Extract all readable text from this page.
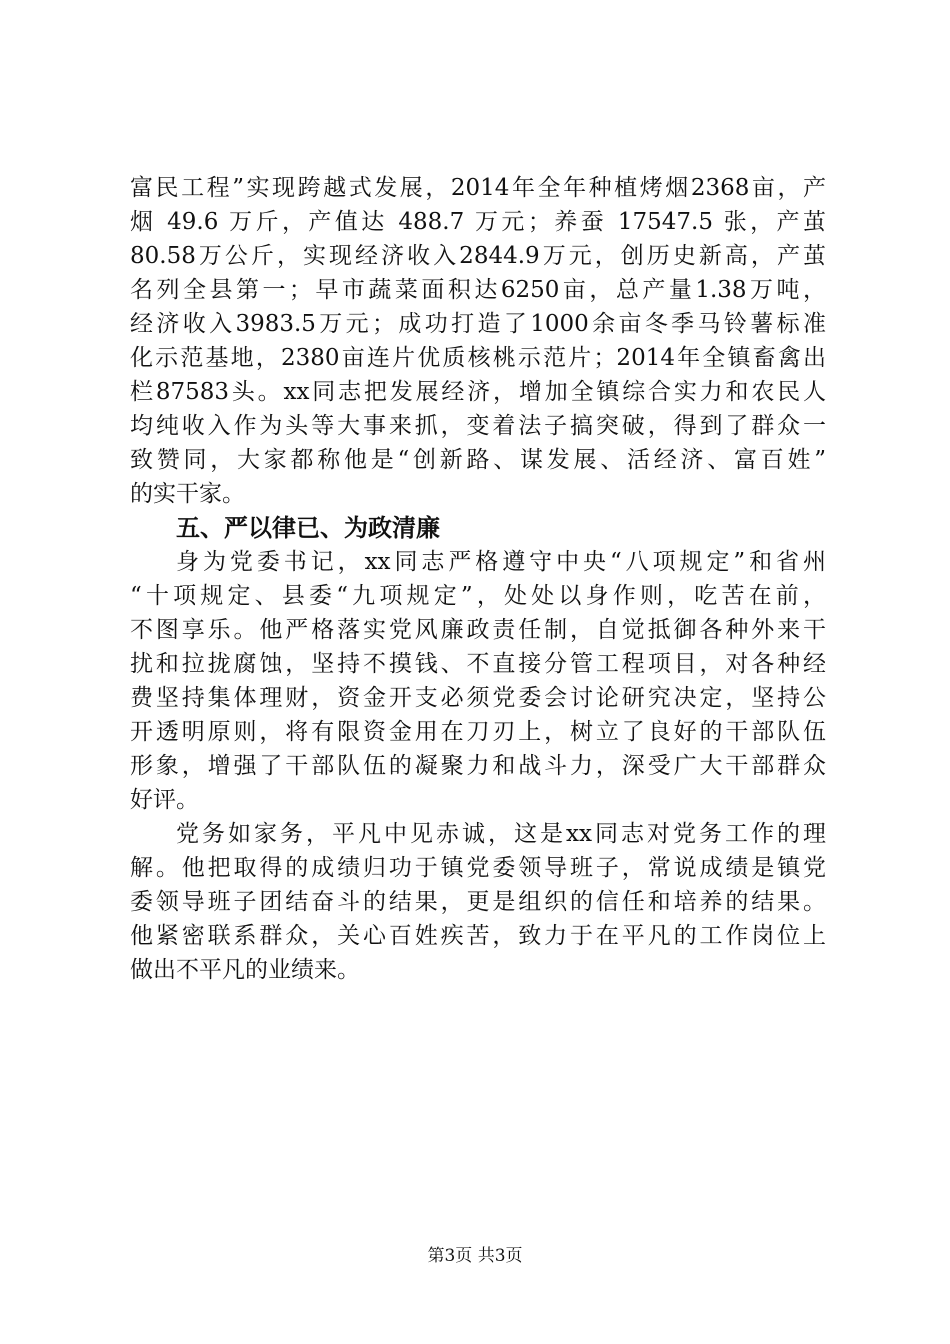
富民工程”实现跨越式发展，2014年全年种植烤烟2368亩，产
烟 49.6 万斤，产值达 488.7 万元；养蚕 17547.5 张，产茧
80.58万公斤，实现经济收入2844.9万元，创历史新高，产茧
名列全县第一；早市蔬菜面积达6250亩，总产量1.38万吨，
经济收入3983.5万元；成功打造了1000余亩冬季马铃薯标准
化示范基地，2380亩连片优质核桃示范片；2014年全镇畜禽出
栏87583头。xx同志把发展经济，增加全镇综合实力和农民人
均纯收入作为头等大事来抓，变着法子搞突破，得到了群众一
致赞同，大家都称他是“创新路、谋发展、活经济、富百姓”
的实干家。
五、严以律已、为政清廉
身为党委书记，xx同志严格遵守中央“八项规定”和省州
“十项规定、县委“九项规定”，处处以身作则，吃苦在前，
不图享乐。他严格落实党风廉政责任制，自觉抵御各种外来干
扰和拉拢腐蚀，坚持不摸钱、不直接分管工程项目，对各种经
费坚持集体理财，资金开支必须党委会讨论研究决定，坚持公
开透明原则，将有限资金用在刀刃上，树立了良好的干部队伍
形象，增强了干部队伍的凝聚力和战斗力，深受广大干部群众
好评。
党务如家务，平凡中见赤诚，这是xx同志对党务工作的理
解。他把取得的成绩归功于镇党委领导班子，常说成绩是镇党
委领导班子团结奋斗的结果，更是组织的信任和培养的结果。
他紧密联系群众，关心百姓疾苦，致力于在平凡的工作岗位上
做出不平凡的业绩来。
第3页 共3页
